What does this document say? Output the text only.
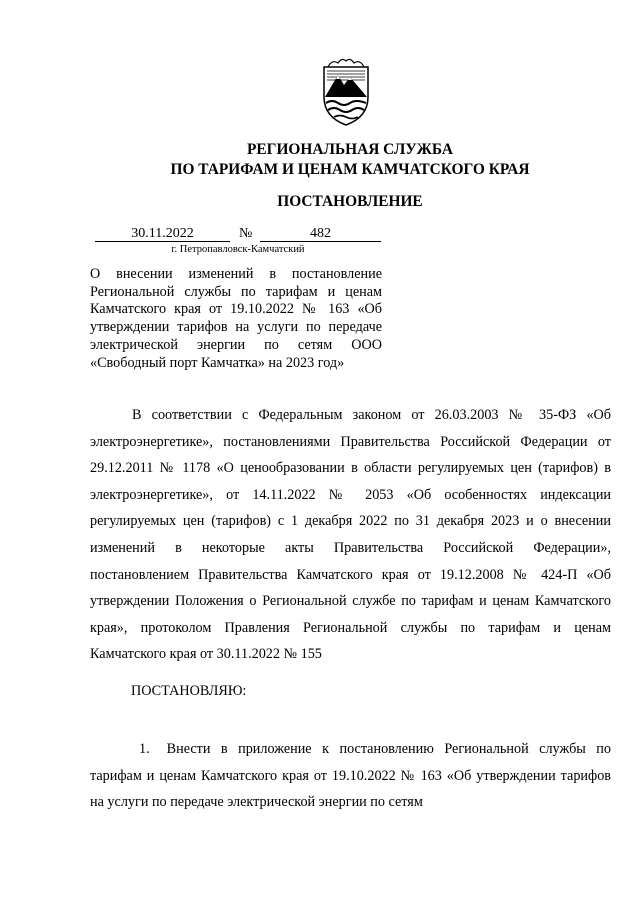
РЕГИОНАЛЬНАЯ СЛУЖБА
ПО ТАРИФАМ И ЦЕНАМ КАМЧАТСКОГО КРАЯ
ПОСТАНОВЛЕНИЕ
30.11.2022	№	482
г. Петропавловск-Камчатский
О внесении изменений в постановление Региональной службы по тарифам и ценам Камчатского края от 19.10.2022 № 163 «Об утверждении тарифов на услуги по передаче электрической энергии по сетям ООО «Свободный порт Камчатка» на 2023 год»
В соответствии с Федеральным законом от 26.03.2003 № 35-ФЗ «Об электроэнергетике», постановлениями Правительства Российской Федерации от 29.12.2011 № 1178 «О ценообразовании в области регулируемых цен (тарифов) в электроэнергетике», от 14.11.2022 № 2053 «Об особенностях индексации регулируемых цен (тарифов) с 1 декабря 2022 по 31 декабря 2023 и о внесении изменений в некоторые акты Правительства Российской Федерации», постановлением Правительства Камчатского края от 19.12.2008 № 424-П «Об утверждении Положения о Региональной службе по тарифам и ценам Камчатского края», протоколом Правления Региональной службы по тарифам и ценам Камчатского края от 30.11.2022 № 155
ПОСТАНОВЛЯЮ:
1. Внести в приложение к постановлению Региональной службы по тарифам и ценам Камчатского края от 19.10.2022 № 163 «Об утверждении тарифов на услуги по передаче электрической энергии по сетям
